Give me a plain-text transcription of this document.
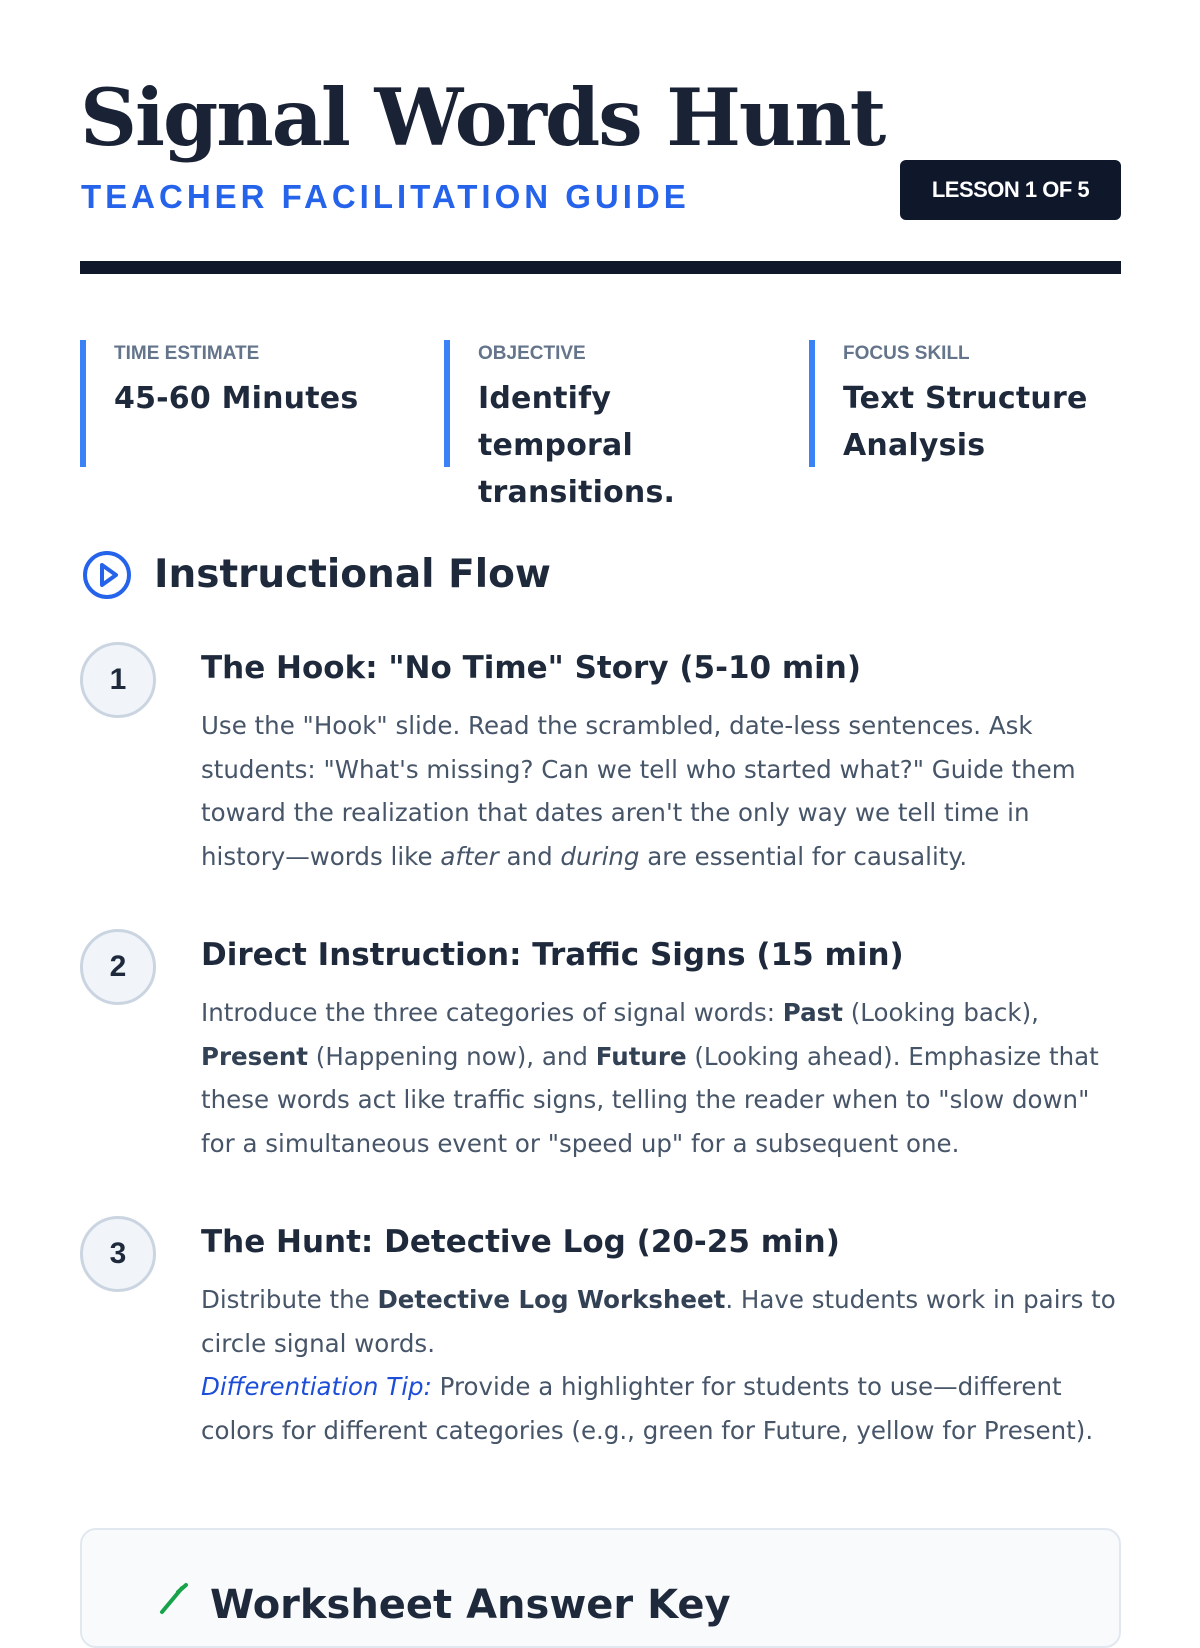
Signal Words Hunt
TEACHER FACILITATION GUIDE	LESSON 1 OF 5
TIME ESTIMATE
45-60 Minutes
OBJECTIVE
Identify temporal transitions.
FOCUS SKILL
Text Structure Analysis
Instructional Flow
1	The Hook: "No Time" Story (5-10 min)

Use the "Hook" slide. Read the scrambled, date-less sentences. Ask students: "What's missing? Can we tell who started what?" Guide them toward the realization that dates aren't the only way we tell time in history—words like after and during are essential for causality.

2	Direct Instruction: Traffic Signs (15 min)

Introduce the three categories of signal words: Past (Looking back), Present (Happening now), and Future (Looking ahead). Emphasize that these words act like traffic signs, telling the reader when to "slow down" for a simultaneous event or "speed up" for a subsequent one.

3	The Hunt: Detective Log (20-25 min)

Distribute the Detective Log Worksheet. Have students work in pairs to circle signal words.
Differentiation Tip: Provide a highlighter for students to use—different colors for different categories (e.g., green for Future, yellow for Present).

Worksheet Answer Key
